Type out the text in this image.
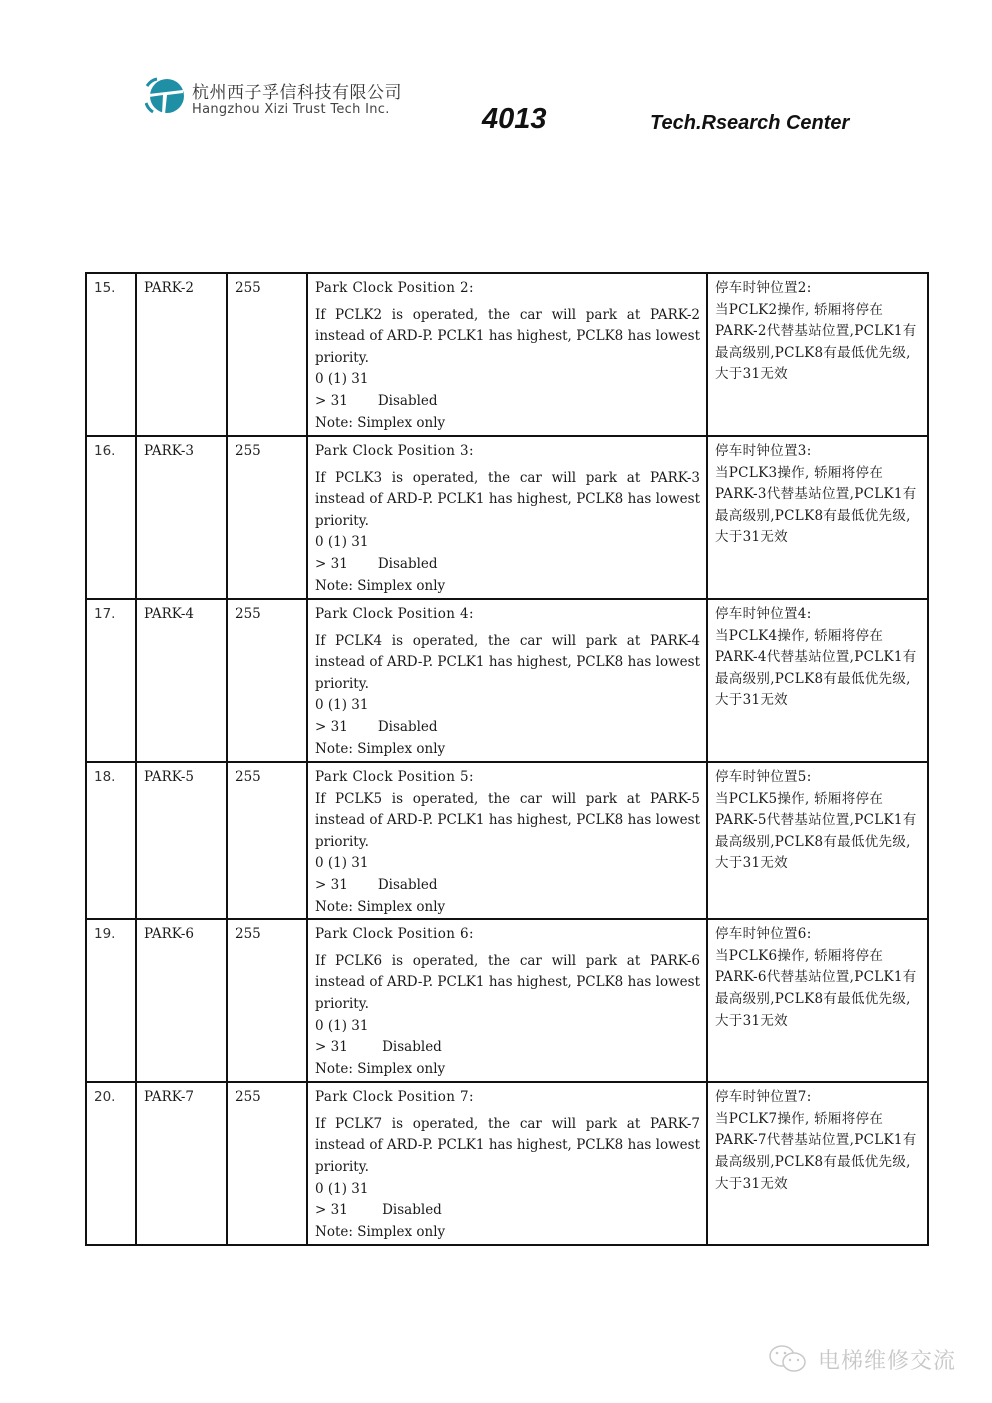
杭州西子孚信科技有限公司
Hangzhou Xizi Trust Tech Inc.	4013	Tech.Rsearch Center
15.	PARK-2	255	Park Clock Position 2:
If PCLK2 is operated, the car will park at PARK-2 instead of ARD-P. PCLK1 has highest, PCLK8 has lowest priority.
0 (1) 31
> 31       Disabled
Note: Simplex only	停车时钟位置2:
当PCLK2操作, 轿厢将停在PARK-2代替基站位置,PCLK1有最高级别,PCLK8有最低优先级, 大于31无效
16.	PARK-3	255	Park Clock Position 3:
If PCLK3 is operated, the car will park at PARK-3 instead of ARD-P. PCLK1 has highest, PCLK8 has lowest priority.
0 (1) 31
> 31       Disabled
Note: Simplex only	停车时钟位置3:
当PCLK3操作, 轿厢将停在PARK-3代替基站位置,PCLK1有最高级别,PCLK8有最低优先级, 大于31无效
17.	PARK-4	255	Park Clock Position 4:
If PCLK4 is operated, the car will park at PARK-4 instead of ARD-P. PCLK1 has highest, PCLK8 has lowest priority.
0 (1) 31
> 31       Disabled
Note: Simplex only	停车时钟位置4:
当PCLK4操作, 轿厢将停在PARK-4代替基站位置,PCLK1有最高级别,PCLK8有最低优先级, 大于31无效
18.	PARK-5	255	Park Clock Position 5:
If PCLK5 is operated, the car will park at PARK-5 instead of ARD-P. PCLK1 has highest, PCLK8 has lowest priority.
0 (1) 31
> 31       Disabled
Note: Simplex only	停车时钟位置5:
当PCLK5操作, 轿厢将停在PARK-5代替基站位置,PCLK1有最高级别,PCLK8有最低优先级, 大于31无效
19.	PARK-6	255	Park Clock Position 6:
If PCLK6 is operated, the car will park at PARK-6 instead of ARD-P. PCLK1 has highest, PCLK8 has lowest priority.
0 (1) 31
> 31        Disabled
Note: Simplex only	停车时钟位置6:
当PCLK6操作, 轿厢将停在PARK-6代替基站位置,PCLK1有最高级别,PCLK8有最低优先级, 大于31无效
20.	PARK-7	255	Park Clock Position 7:
If PCLK7 is operated, the car will park at PARK-7 instead of ARD-P. PCLK1 has highest, PCLK8 has lowest priority.
0 (1) 31
> 31        Disabled
Note: Simplex only	停车时钟位置7:
当PCLK7操作, 轿厢将停在PARK-7代替基站位置,PCLK1有最高级别,PCLK8有最低优先级, 大于31无效
电梯维修交流
